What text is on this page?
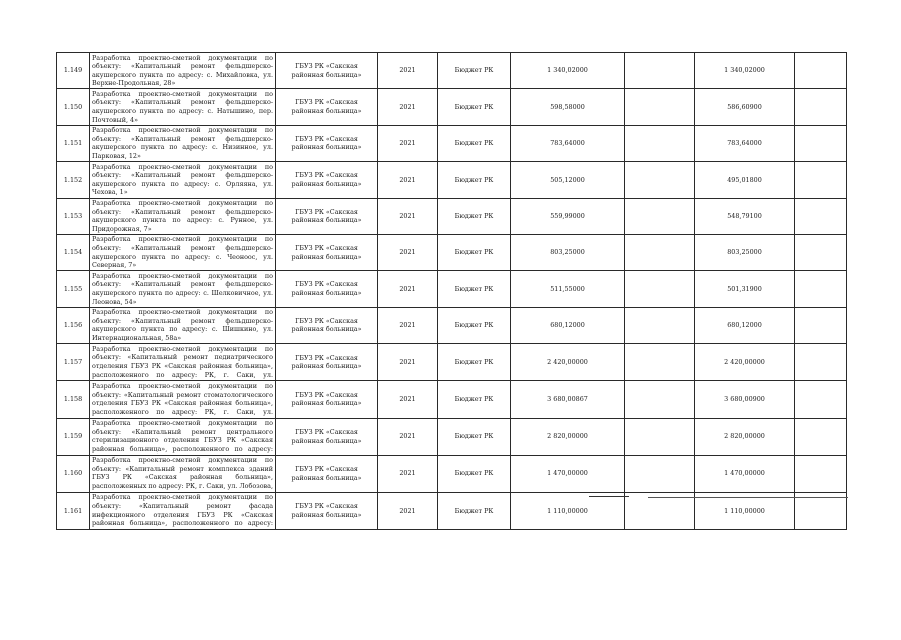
1.149	Разработка проектно-сметной документации по объекту: «Капитальный ремонт фельдшерско-акушерского пункта по адресу: с. Михайловка, ул. Верхне-Продольная, 28»	ГБУЗ РК «Сакская районная больница»	2021	Бюджет РК	1 340,02000		1 340,02000	
1.150	Разработка проектно-сметной документации по объекту: «Капитальный ремонт фельдшерско-акушерского пункта по адресу: с. Натышино, пер. Почтовый, 4»	ГБУЗ РК «Сакская районная больница»	2021	Бюджет РК	598,58000		586,60900	
1.151	Разработка проектно-сметной документации по объекту: «Капитальный ремонт фельдшерско-акушерского пункта по адресу: с. Низинное, ул. Парковая, 12»	ГБУЗ РК «Сакская районная больница»	2021	Бюджет РК	783,64000		783,64000	
1.152	Разработка проектно-сметной документации по объекту: «Капитальный ремонт фельдшерско-акушерского пункта по адресу: с. Орляяна, ул. Чехова, 1»	ГБУЗ РК «Сакская районная больница»	2021	Бюджет РК	505,12000		495,01800	
1.153	Разработка проектно-сметной документации по объекту: «Капитальный ремонт фельдшерско-акушерского пункта по адресу: с. Рунное, ул. Придорожная, 7»	ГБУЗ РК «Сакская районная больница»	2021	Бюджет РК	559,99000		548,79100	
1.154	Разработка проектно-сметной документации по объекту: «Капитальный ремонт фельдшерско-акушерского пункта по адресу: с. Чеоноос, ул. Северная, 7»	ГБУЗ РК «Сакская районная больница»	2021	Бюджет РК	803,25000		803,25000	
1.155	Разработка проектно-сметной документации по объекту: «Капитальный ремонт фельдшерско-акушерского пункта по адресу: с. Шелковичное, ул. Леонова, 54»	ГБУЗ РК «Сакская районная больница»	2021	Бюджет РК	511,55000		501,31900	
1.156	Разработка проектно-сметной документации по объекту: «Капитальный ремонт фельдшерско-акушерского пункта по адресу: с. Шишкино, ул. Интернациональная, 58а»	ГБУЗ РК «Сакская районная больница»	2021	Бюджет РК	680,12000		680,12000	
1.157	Разработка проектно-сметной документации по объекту: «Капитальный ремонт педиатрического отделения ГБУЗ РК «Сакская районная больница», расположенного по адресу: РК, г. Саки, ул.	ГБУЗ РК «Сакская районная больница»	2021	Бюджет РК	2 420,00000		2 420,00000	
1.158	Разработка проектно-сметной документации по объекту: «Капитальный ремонт стоматологического отделения ГБУЗ РК «Сакская районная больница», расположенного по адресу: РК, г. Саки, ул.	ГБУЗ РК «Сакская районная больница»	2021	Бюджет РК	3 680,00867		3 680,00900	
1.159	Разработка проектно-сметной документации по объекту: «Капитальный ремонт центрального стерилизационного отделения ГБУЗ РК «Сакская районная больница», расположенного по адресу:	ГБУЗ РК «Сакская районная больница»	2021	Бюджет РК	2 820,00000		2 820,00000	
1.160	Разработка проектно-сметной документации по объекту: «Капитальный ремонт комплекса зданий ГБУЗ РК «Сакская районная больница», расположенных по адресу: РК, г. Саки, ул. Лобозова,	ГБУЗ РК «Сакская районная больница»	2021	Бюджет РК	1 470,00000		1 470,00000	
1.161	Разработка проектно-сметной документации по объекту: «Капитальный ремонт фасада инфекционного отделения ГБУЗ РК «Сакская районная больница», расположенного по адресу:	ГБУЗ РК «Сакская районная больница»	2021	Бюджет РК	1 110,00000		1 110,00000	
